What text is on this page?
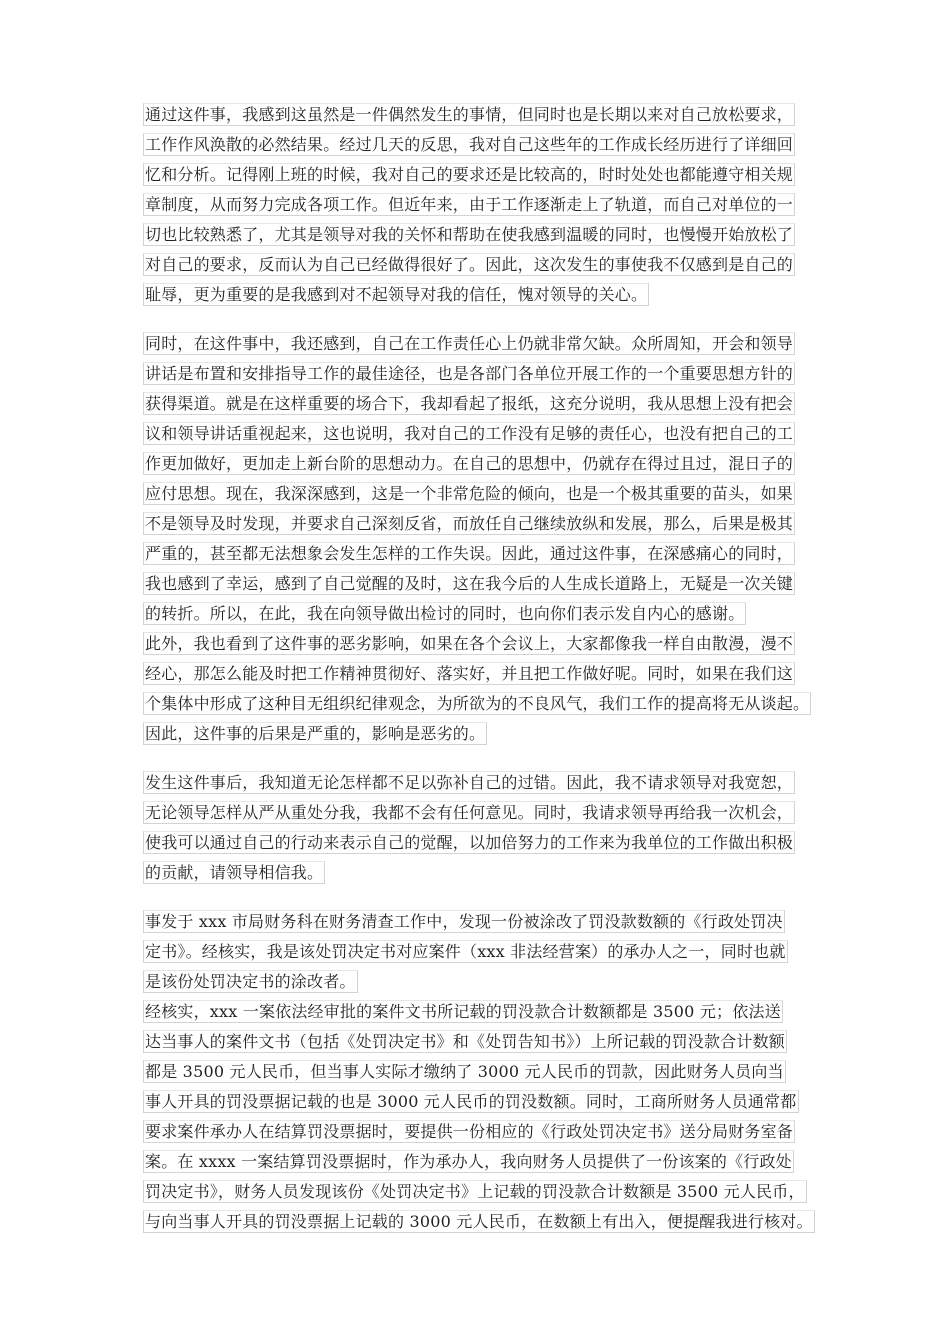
通过这件事，我感到这虽然是一件偶然发生的事情，但同时也是长期以来对自己放松要求，
工作作风涣散的必然结果。经过几天的反思，我对自己这些年的工作成长经历进行了详细回
忆和分析。记得刚上班的时候，我对自己的要求还是比较高的，时时处处也都能遵守相关规
章制度，从而努力完成各项工作。但近年来，由于工作逐渐走上了轨道，而自己对单位的一
切也比较熟悉了，尤其是领导对我的关怀和帮助在使我感到温暖的同时，也慢慢开始放松了
对自己的要求，反而认为自己已经做得很好了。因此，这次发生的事使我不仅感到是自己的
耻辱，更为重要的是我感到对不起领导对我的信任，愧对领导的关心。
同时，在这件事中，我还感到，自己在工作责任心上仍就非常欠缺。众所周知，开会和领导
讲话是布置和安排指导工作的最佳途径，也是各部门各单位开展工作的一个重要思想方针的
获得渠道。就是在这样重要的场合下，我却看起了报纸，这充分说明，我从思想上没有把会
议和领导讲话重视起来，这也说明，我对自己的工作没有足够的责任心，也没有把自己的工
作更加做好，更加走上新台阶的思想动力。在自己的思想中，仍就存在得过且过，混日子的
应付思想。现在，我深深感到，这是一个非常危险的倾向，也是一个极其重要的苗头，如果
不是领导及时发现，并要求自己深刻反省，而放任自己继续放纵和发展，那么，后果是极其
严重的，甚至都无法想象会发生怎样的工作失误。因此，通过这件事，在深感痛心的同时，
我也感到了幸运，感到了自己觉醒的及时，这在我今后的人生成长道路上，无疑是一次关键
的转折。所以，在此，我在向领导做出检讨的同时，也向你们表示发自内心的感谢。
此外，我也看到了这件事的恶劣影响，如果在各个会议上，大家都像我一样自由散漫，漫不
经心，那怎么能及时把工作精神贯彻好、落实好，并且把工作做好呢。同时，如果在我们这
个集体中形成了这种目无组织纪律观念，为所欲为的不良风气，我们工作的提高将无从谈起。
因此，这件事的后果是严重的，影响是恶劣的。
发生这件事后，我知道无论怎样都不足以弥补自己的过错。因此，我不请求领导对我宽恕，
无论领导怎样从严从重处分我，我都不会有任何意见。同时，我请求领导再给我一次机会，
使我可以通过自己的行动来表示自己的觉醒，以加倍努力的工作来为我单位的工作做出积极
的贡献，请领导相信我。
事发于 xxx 市局财务科在财务清查工作中，发现一份被涂改了罚没款数额的《行政处罚决
定书》。经核实，我是该处罚决定书对应案件（xxx 非法经营案）的承办人之一，同时也就
是该份处罚决定书的涂改者。
经核实，xxx 一案依法经审批的案件文书所记载的罚没款合计数额都是 3500 元；依法送
达当事人的案件文书（包括《处罚决定书》和《处罚告知书》）上所记载的罚没款合计数额
都是 3500 元人民币，但当事人实际才缴纳了 3000 元人民币的罚款，因此财务人员向当
事人开具的罚没票据记载的也是 3000 元人民币的罚没数额。同时，工商所财务人员通常都
要求案件承办人在结算罚没票据时，要提供一份相应的《行政处罚决定书》送分局财务室备
案。在 xxxx 一案结算罚没票据时，作为承办人，我向财务人员提供了一份该案的《行政处
罚决定书》，财务人员发现该份《处罚决定书》上记载的罚没款合计数额是 3500 元人民币，
与向当事人开具的罚没票据上记载的 3000 元人民币，在数额上有出入，便提醒我进行核对。
